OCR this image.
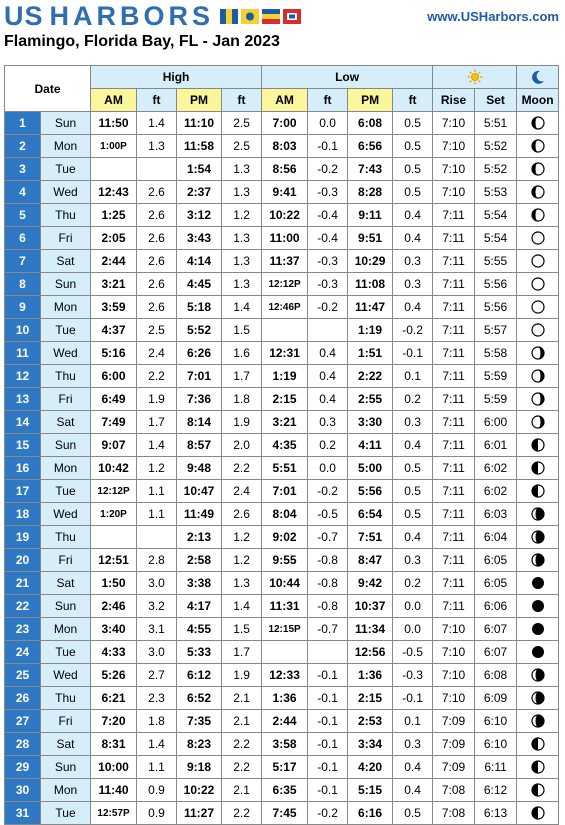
US HARBORS	www.USHarbors.com
Flamingo, Florida Bay, FL - Jan 2023
Date		High				Low	

		AM	ft	PM	ft	AM	ft	PM	ft	Rise	Set	Moon
1	Sun	11:50	1.4	11:10	2.5	7:00	0.0	6:08	0.5	7:10	5:51	

2	Mon	1:00P	1.3	11:58	2.5	8:03	-0.1	6:56	0.5	7:10	5:52	

3	Tue			1:54	1.3	8:56	-0.2	7:43	0.5	7:10	5:52	

4	Wed	12:43	2.6	2:37	1.3	9:41	-0.3	8:28	0.5	7:10	5:53	

5	Thu	1:25	2.6	3:12	1.2	10:22	-0.4	9:11	0.4	7:11	5:54	

6	Fri	2:05	2.6	3:43	1.3	11:00	-0.4	9:51	0.4	7:11	5:54	

7	Sat	2:44	2.6	4:14	1.3	11:37	-0.3	10:29	0.3	7:11	5:55	

8	Sun	3:21	2.6	4:45	1.3	12:12P	-0.3	11:08	0.3	7:11	5:56	

9	Mon	3:59	2.6	5:18	1.4	12:46P	-0.2	11:47	0.4	7:11	5:56	

10	Tue	4:37	2.5	5:52	1.5			1:19	-0.2	7:11	5:57	

11	Wed	5:16	2.4	6:26	1.6	12:31	0.4	1:51	-0.1	7:11	5:58	

12	Thu	6:00	2.2	7:01	1.7	1:19	0.4	2:22	0.1	7:11	5:59	

13	Fri	6:49	1.9	7:36	1.8	2:15	0.4	2:55	0.2	7:11	5:59	

14	Sat	7:49	1.7	8:14	1.9	3:21	0.3	3:30	0.3	7:11	6:00	

15	Sun	9:07	1.4	8:57	2.0	4:35	0.2	4:11	0.4	7:11	6:01	

16	Mon	10:42	1.2	9:48	2.2	5:51	0.0	5:00	0.5	7:11	6:02	

17	Tue	12:12P	1.1	10:47	2.4	7:01	-0.2	5:56	0.5	7:11	6:02	

18	Wed	1:20P	1.1	11:49	2.6	8:04	-0.5	6:54	0.5	7:11	6:03	

19	Thu			2:13	1.2	9:02	-0.7	7:51	0.4	7:11	6:04	

20	Fri	12:51	2.8	2:58	1.2	9:55	-0.8	8:47	0.3	7:11	6:05	

21	Sat	1:50	3.0	3:38	1.3	10:44	-0.8	9:42	0.2	7:11	6:05	

22	Sun	2:46	3.2	4:17	1.4	11:31	-0.8	10:37	0.0	7:11	6:06	

23	Mon	3:40	3.1	4:55	1.5	12:15P	-0.7	11:34	0.0	7:10	6:07	

24	Tue	4:33	3.0	5:33	1.7			12:56	-0.5	7:10	6:07	

25	Wed	5:26	2.7	6:12	1.9	12:33	-0.1	1:36	-0.3	7:10	6:08	

26	Thu	6:21	2.3	6:52	2.1	1:36	-0.1	2:15	-0.1	7:10	6:09	

27	Fri	7:20	1.8	7:35	2.1	2:44	-0.1	2:53	0.1	7:09	6:10	

28	Sat	8:31	1.4	8:23	2.2	3:58	-0.1	3:34	0.3	7:09	6:10	

29	Sun	10:00	1.1	9:18	2.2	5:17	-0.1	4:20	0.4	7:09	6:11	

30	Mon	11:40	0.9	10:22	2.1	6:35	-0.1	5:15	0.4	7:08	6:12	

31	Tue	12:57P	0.9	11:27	2.2	7:45	-0.2	6:16	0.5	7:08	6:13	
